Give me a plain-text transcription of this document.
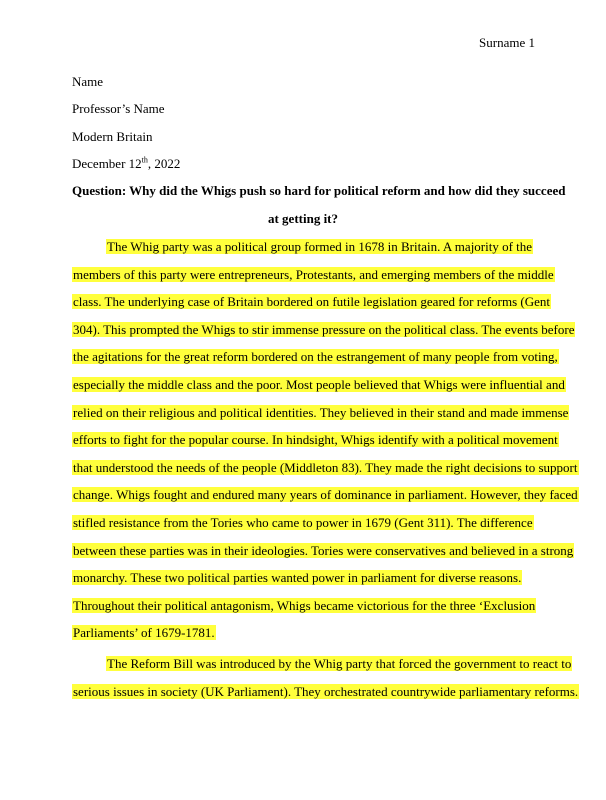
Surname 1
Name
Professor’s Name
Modern Britain
December 12th, 2022
Question: Why did the Whigs push so hard for political reform and how did they succeed
at getting it?
The Whig party was a political group formed in 1678 in Britain. A majority of the
members of this party were entrepreneurs, Protestants, and emerging members of the middle
class. The underlying case of Britain bordered on futile legislation geared for reforms (Gent
304). This prompted the Whigs to stir immense pressure on the political class. The events before
the agitations for the great reform bordered on the estrangement of many people from voting,
especially the middle class and the poor. Most people believed that Whigs were influential and
relied on their religious and political identities. They believed in their stand and made immense
efforts to fight for the popular course. In hindsight, Whigs identify with a political movement
that understood the needs of the people (Middleton 83). They made the right decisions to support
change. Whigs fought and endured many years of dominance in parliament. However, they faced
stifled resistance from the Tories who came to power in 1679 (Gent 311). The difference
between these parties was in their ideologies. Tories were conservatives and believed in a strong
monarchy. These two political parties wanted power in parliament for diverse reasons.
Throughout their political antagonism, Whigs became victorious for the three ‘Exclusion
Parliaments’ of 1679-1781.
The Reform Bill was introduced by the Whig party that forced the government to react to
serious issues in society (UK Parliament). They orchestrated countrywide parliamentary reforms.
